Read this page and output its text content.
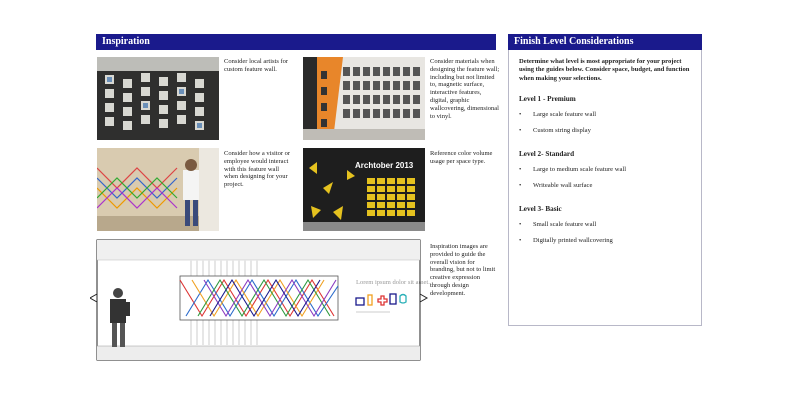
Inspiration	Finish Level Considerations
Consider local artists for custom feature wall.
Consider materials when designing the feature wall; including but not limited to, magnetic surface, interactive features, digital, graphic wallcovering, dimensional to vinyl.
Archtober 2013
Consider how a visitor or employee would interact with this feature wall when designing for your project.
Reference color volume usage per space type.
Lorem ipsum dolor sit amet.
Inspiration images are provided to guide the overall vision for branding, but not to limit creative expression through design development.

Determine what level is most appropriate for your project using the guides below. Consider space, budget, and function when making your selections.

Level 1 - Premium

•	Large scale feature wall
•	Custom string display

Level 2- Standard

•	Large to medium scale feature wall
•	Writeable wall surface

Level 3- Basic

•	Small scale feature wall
•	Digitally printed wallcovering
